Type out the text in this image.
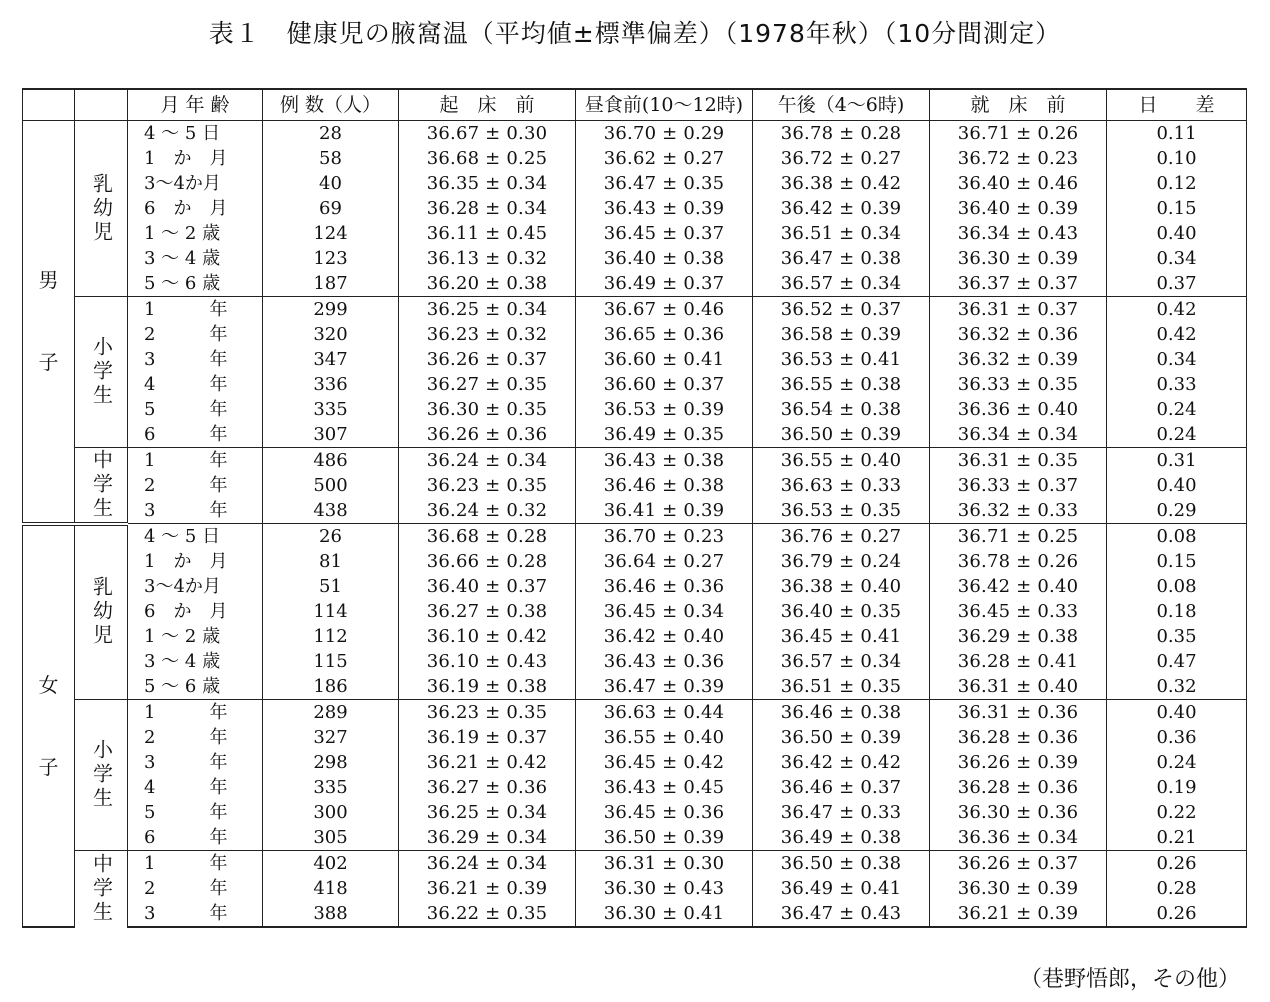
表１　健康児の腋窩温（平均値±標準偏差）（1978年秋）（10分間測定）
		月 年 齢	例 数（人）	起　床　前	昼食前(10～12時)	午後（4～6時)	就　床　前	日　　差

男
子	乳幼児	4 ～ 5 日	28	36.67 ± 0.30	36.70 ± 0.29	36.78 ± 0.28	36.71 ± 0.26	0.11
		1　か　月	58	36.68 ± 0.25	36.62 ± 0.27	36.72 ± 0.27	36.72 ± 0.23	0.10
		3～4か月	40	36.35 ± 0.34	36.47 ± 0.35	36.38 ± 0.42	36.40 ± 0.46	0.12
		6　か　月	69	36.28 ± 0.34	36.43 ± 0.39	36.42 ± 0.39	36.40 ± 0.39	0.15
		1 ～ 2 歳	124	36.11 ± 0.45	36.45 ± 0.37	36.51 ± 0.34	36.34 ± 0.43	0.40
		3 ～ 4 歳	123	36.13 ± 0.32	36.40 ± 0.38	36.47 ± 0.38	36.30 ± 0.39	0.34
		5 ～ 6 歳	187	36.20 ± 0.38	36.49 ± 0.37	36.57 ± 0.34	36.37 ± 0.37	0.37

	小学生	1　　　年	299	36.25 ± 0.34	36.67 ± 0.46	36.52 ± 0.37	36.31 ± 0.37	0.42
		2　　　年	320	36.23 ± 0.32	36.65 ± 0.36	36.58 ± 0.39	36.32 ± 0.36	0.42
		3　　　年	347	36.26 ± 0.37	36.60 ± 0.41	36.53 ± 0.41	36.32 ± 0.39	0.34
		4　　　年	336	36.27 ± 0.35	36.60 ± 0.37	36.55 ± 0.38	36.33 ± 0.35	0.33
		5　　　年	335	36.30 ± 0.35	36.53 ± 0.39	36.54 ± 0.38	36.36 ± 0.40	0.24
		6　　　年	307	36.26 ± 0.36	36.49 ± 0.35	36.50 ± 0.39	36.34 ± 0.34	0.24

	中学生	1　　　年	486	36.24 ± 0.34	36.43 ± 0.38	36.55 ± 0.40	36.31 ± 0.35	0.31
		2　　　年	500	36.23 ± 0.35	36.46 ± 0.38	36.63 ± 0.33	36.33 ± 0.37	0.40
		3　　　年	438	36.24 ± 0.32	36.41 ± 0.39	36.53 ± 0.35	36.32 ± 0.33	0.29

女
子	乳幼児	4 ～ 5 日	26	36.68 ± 0.28	36.70 ± 0.23	36.76 ± 0.27	36.71 ± 0.25	0.08
		1　か　月	81	36.66 ± 0.28	36.64 ± 0.27	36.79 ± 0.24	36.78 ± 0.26	0.15
		3～4か月	51	36.40 ± 0.37	36.46 ± 0.36	36.38 ± 0.40	36.42 ± 0.40	0.08
		6　か　月	114	36.27 ± 0.38	36.45 ± 0.34	36.40 ± 0.35	36.45 ± 0.33	0.18
		1 ～ 2 歳	112	36.10 ± 0.42	36.42 ± 0.40	36.45 ± 0.41	36.29 ± 0.38	0.35
		3 ～ 4 歳	115	36.10 ± 0.43	36.43 ± 0.36	36.57 ± 0.34	36.28 ± 0.41	0.47
		5 ～ 6 歳	186	36.19 ± 0.38	36.47 ± 0.39	36.51 ± 0.35	36.31 ± 0.40	0.32

	小学生	1　　　年	289	36.23 ± 0.35	36.63 ± 0.44	36.46 ± 0.38	36.31 ± 0.36	0.40
		2　　　年	327	36.19 ± 0.37	36.55 ± 0.40	36.50 ± 0.39	36.28 ± 0.36	0.36
		3　　　年	298	36.21 ± 0.42	36.45 ± 0.42	36.42 ± 0.42	36.26 ± 0.39	0.24
		4　　　年	335	36.27 ± 0.36	36.43 ± 0.45	36.46 ± 0.37	36.28 ± 0.36	0.19
		5　　　年	300	36.25 ± 0.34	36.45 ± 0.36	36.47 ± 0.33	36.30 ± 0.36	0.22
		6　　　年	305	36.29 ± 0.34	36.50 ± 0.39	36.49 ± 0.38	36.36 ± 0.34	0.21

	中学生	1　　　年	402	36.24 ± 0.34	36.31 ± 0.30	36.50 ± 0.38	36.26 ± 0.37	0.26
		2　　　年	418	36.21 ± 0.39	36.30 ± 0.43	36.49 ± 0.41	36.30 ± 0.39	0.28
		3　　　年	388	36.22 ± 0.35	36.30 ± 0.41	36.47 ± 0.43	36.21 ± 0.39	0.26
（巷野悟郎，その他）
